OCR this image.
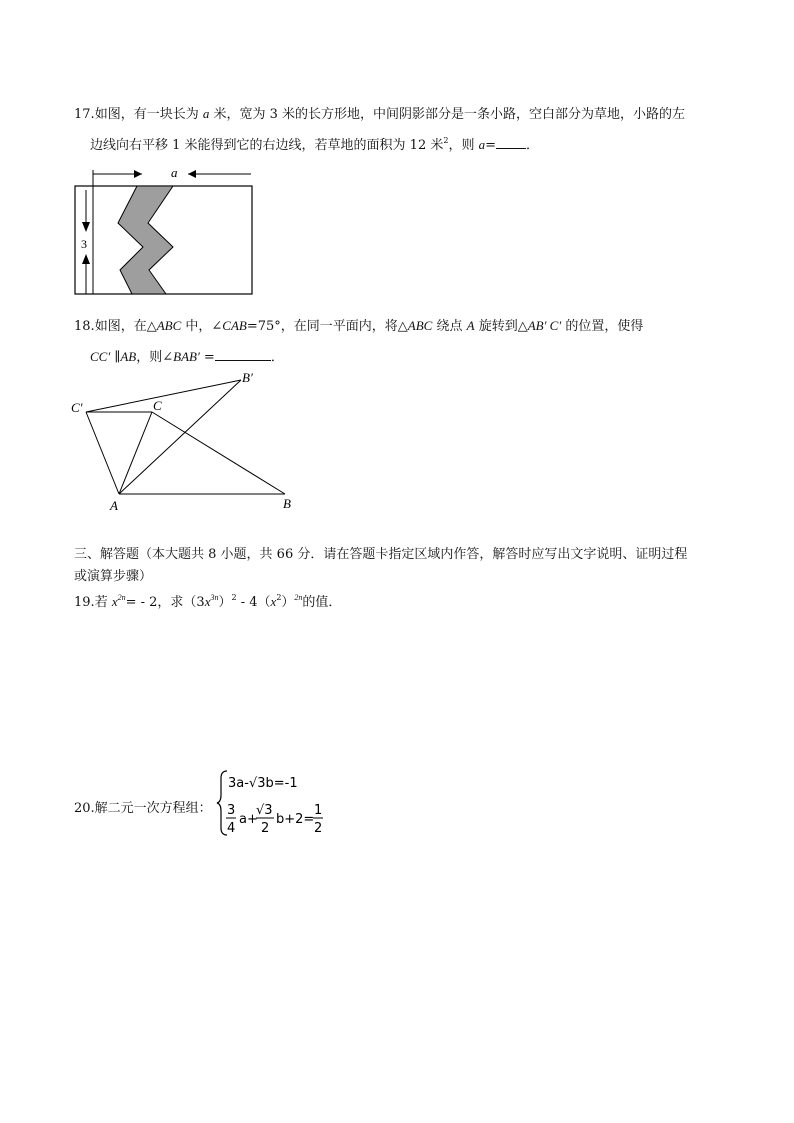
17.如图，有一块长为 a 米，宽为 3 米的长方形地，中间阴影部分是一条小路，空白部分为草地，小路的左
边线向右平移 1 米能得到它的右边线，若草地的面积为 12 米$^2$，则 a= ．
a
3
18.如图，在△ABC 中，∠CAB=75°，在同一平面内，将△ABC 绕点 A 旋转到△AB′ C′ 的位置，使得
CC′ ∥AB，则∠BAB′ =	．
B′
C′	C
A	B
三、解答题（本大题共 8 小题，共 66 分．请在答题卡指定区域内作答，解答时应写出文字说明、证明过程
或演算步骤）
19.若 $x^{2n}= - 2$，求$(3x^{3n})^2 - 4(x^2)^{2n}$的值．
20.解二元一次方程组：
3a-√3b=-1
3
4
a+
√3
2
b+2=
1
2
